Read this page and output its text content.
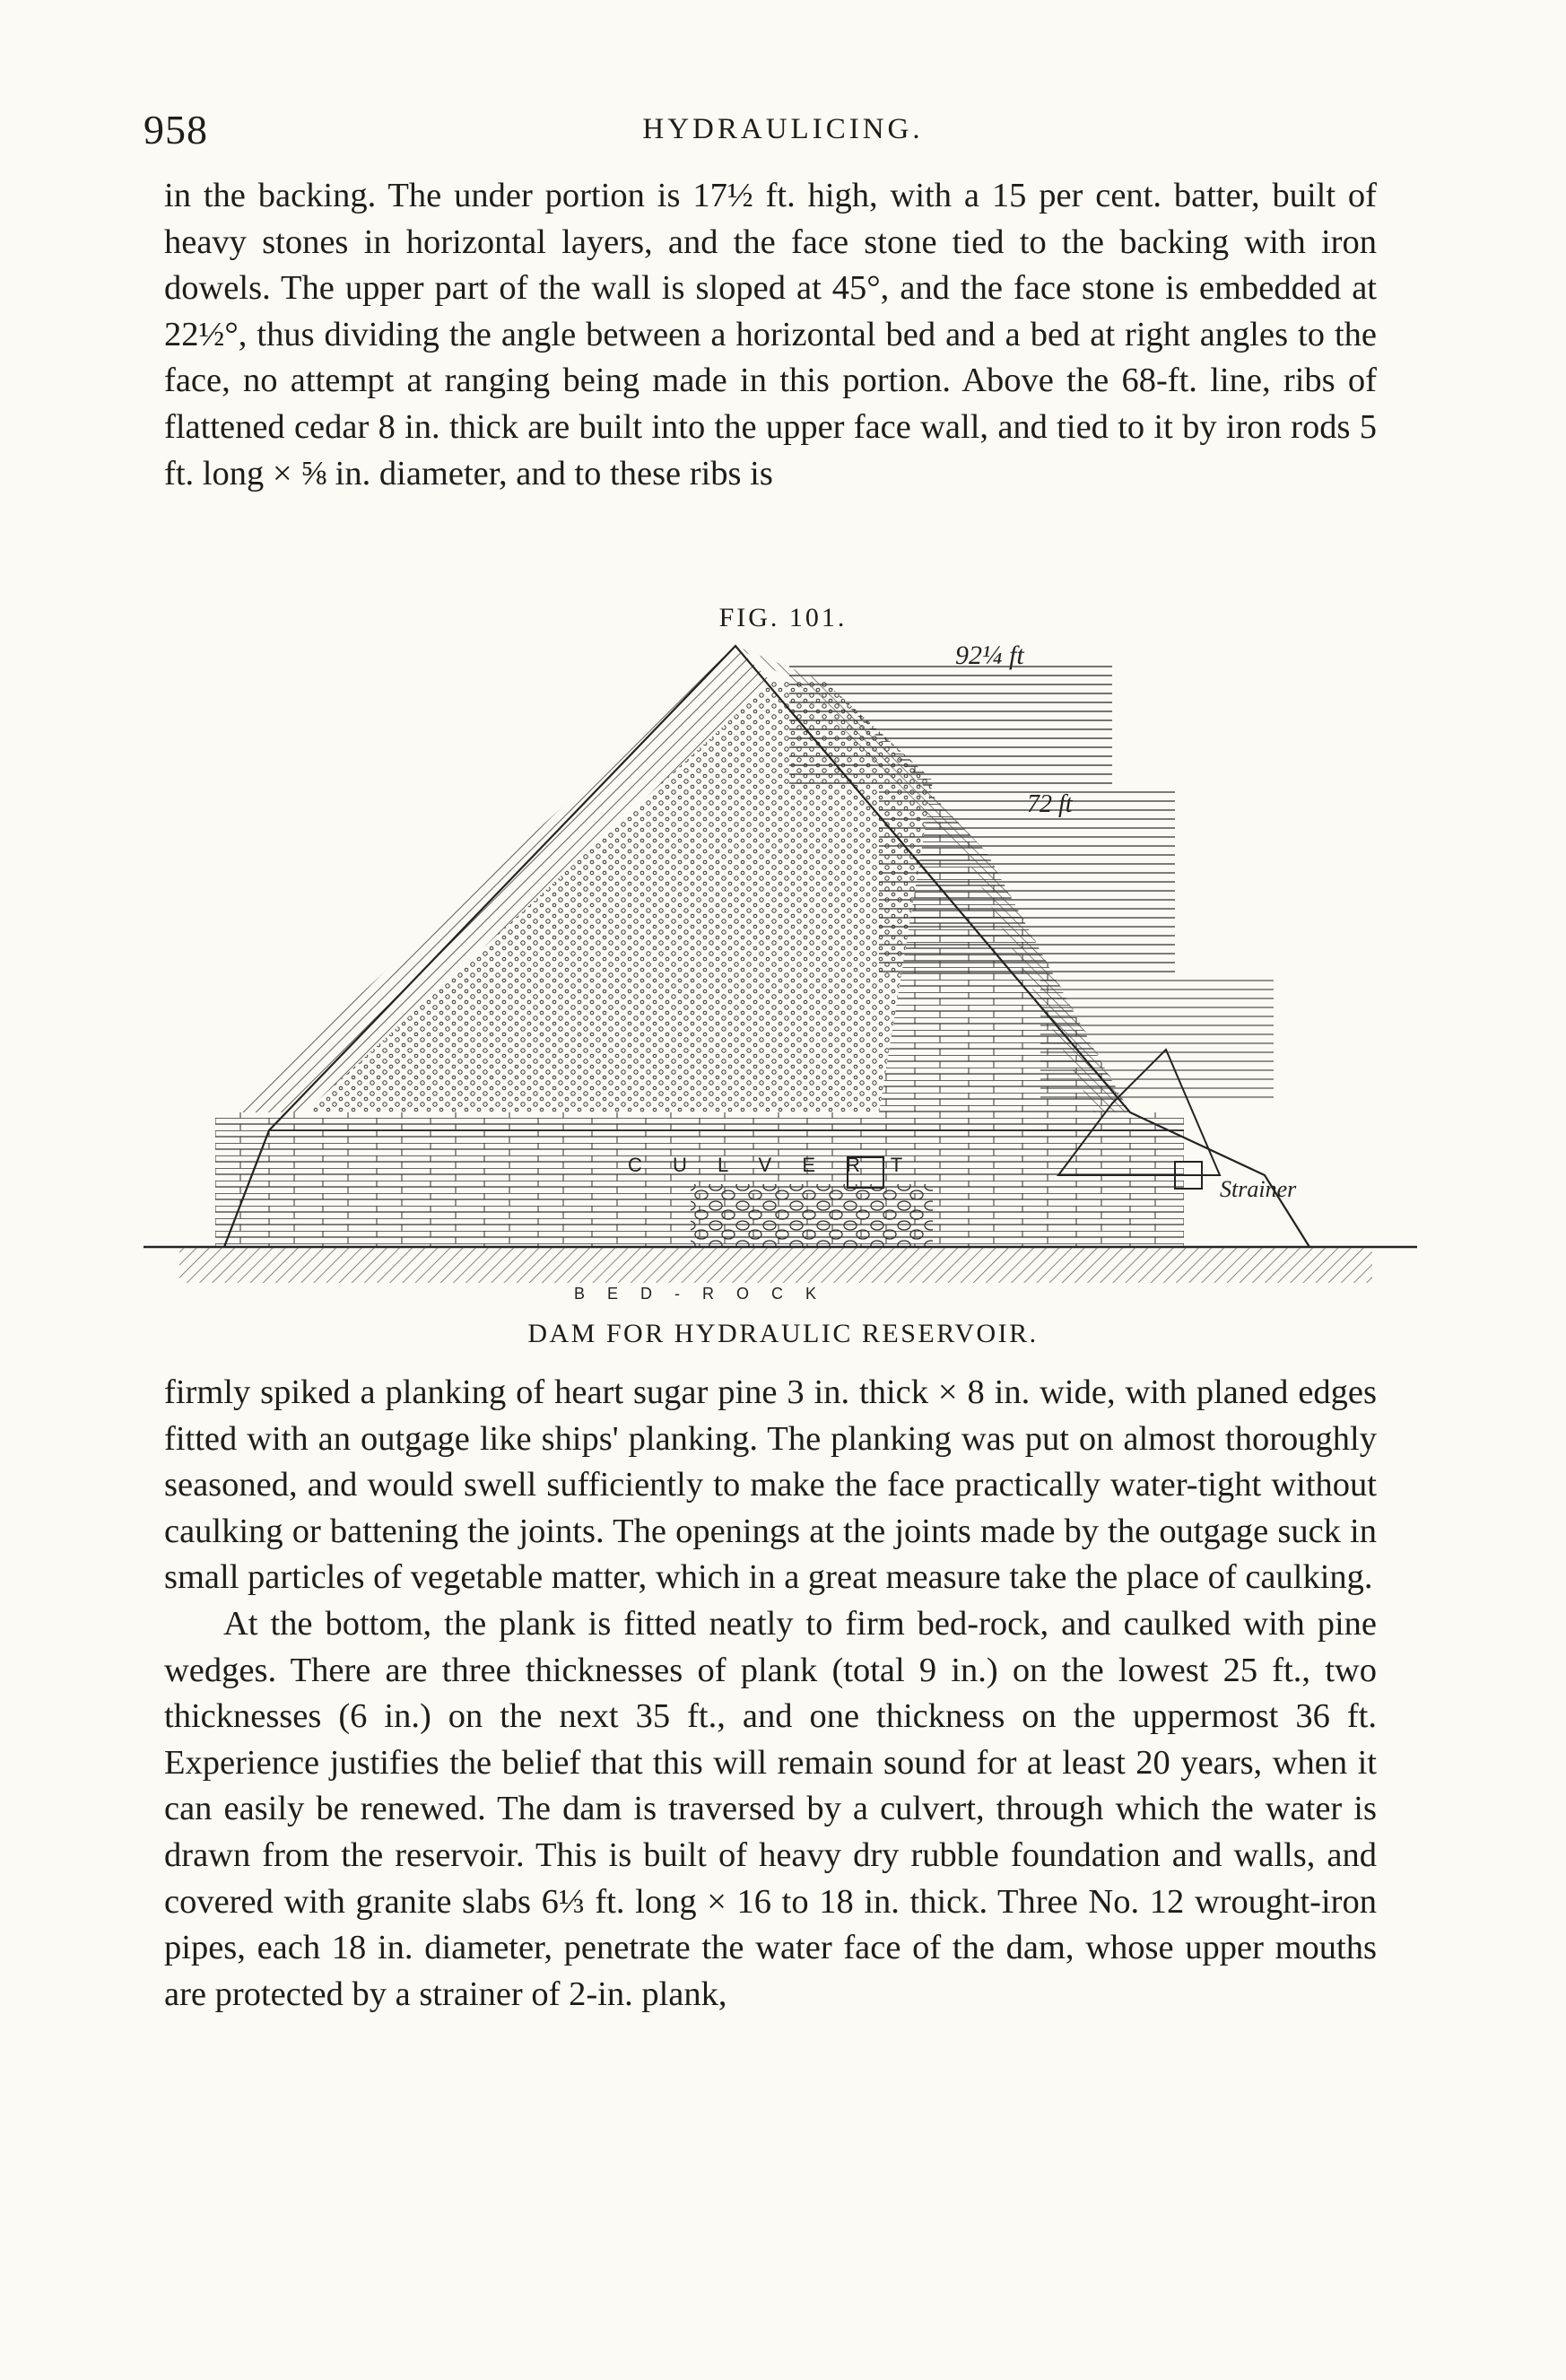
958	HYDRAULICING.

in the backing. The under portion is 17½ ft. high, with a 15 per cent. batter, built of heavy stones in horizontal layers, and the face stone tied to the backing with iron dowels. The upper part of the wall is sloped at 45°, and the face stone is embedded at 22½°, thus dividing the angle between a horizontal bed and a bed at right angles to the face, no attempt at ranging being made in this portion. Above the 68-ft. line, ribs of flattened cedar 8 in. thick are built into the upper face wall, and tied to it by iron rods 5 ft. long × ⅝ in. diameter, and to these ribs is

FIG. 101.
92¼ ft
72 ft
Strainer
C U L V E R T
B E D - R O C K
DAM FOR HYDRAULIC RESERVOIR.

firmly spiked a planking of heart sugar pine 3 in. thick × 8 in. wide, with planed edges fitted with an outgage like ships' planking. The planking was put on almost thoroughly seasoned, and would swell sufficiently to make the face practically water-tight without caulking or battening the joints. The openings at the joints made by the outgage suck in small particles of vegetable matter, which in a great measure take the place of caulking.

At the bottom, the plank is fitted neatly to firm bed-rock, and caulked with pine wedges. There are three thicknesses of plank (total 9 in.) on the lowest 25 ft., two thicknesses (6 in.) on the next 35 ft., and one thickness on the uppermost 36 ft. Experience justifies the belief that this will remain sound for at least 20 years, when it can easily be renewed. The dam is traversed by a culvert, through which the water is drawn from the reservoir. This is built of heavy dry rubble foundation and walls, and covered with granite slabs 6⅓ ft. long × 16 to 18 in. thick. Three No. 12 wrought-iron pipes, each 18 in. diameter, penetrate the water face of the dam, whose upper mouths are protected by a strainer of 2-in. plank,
